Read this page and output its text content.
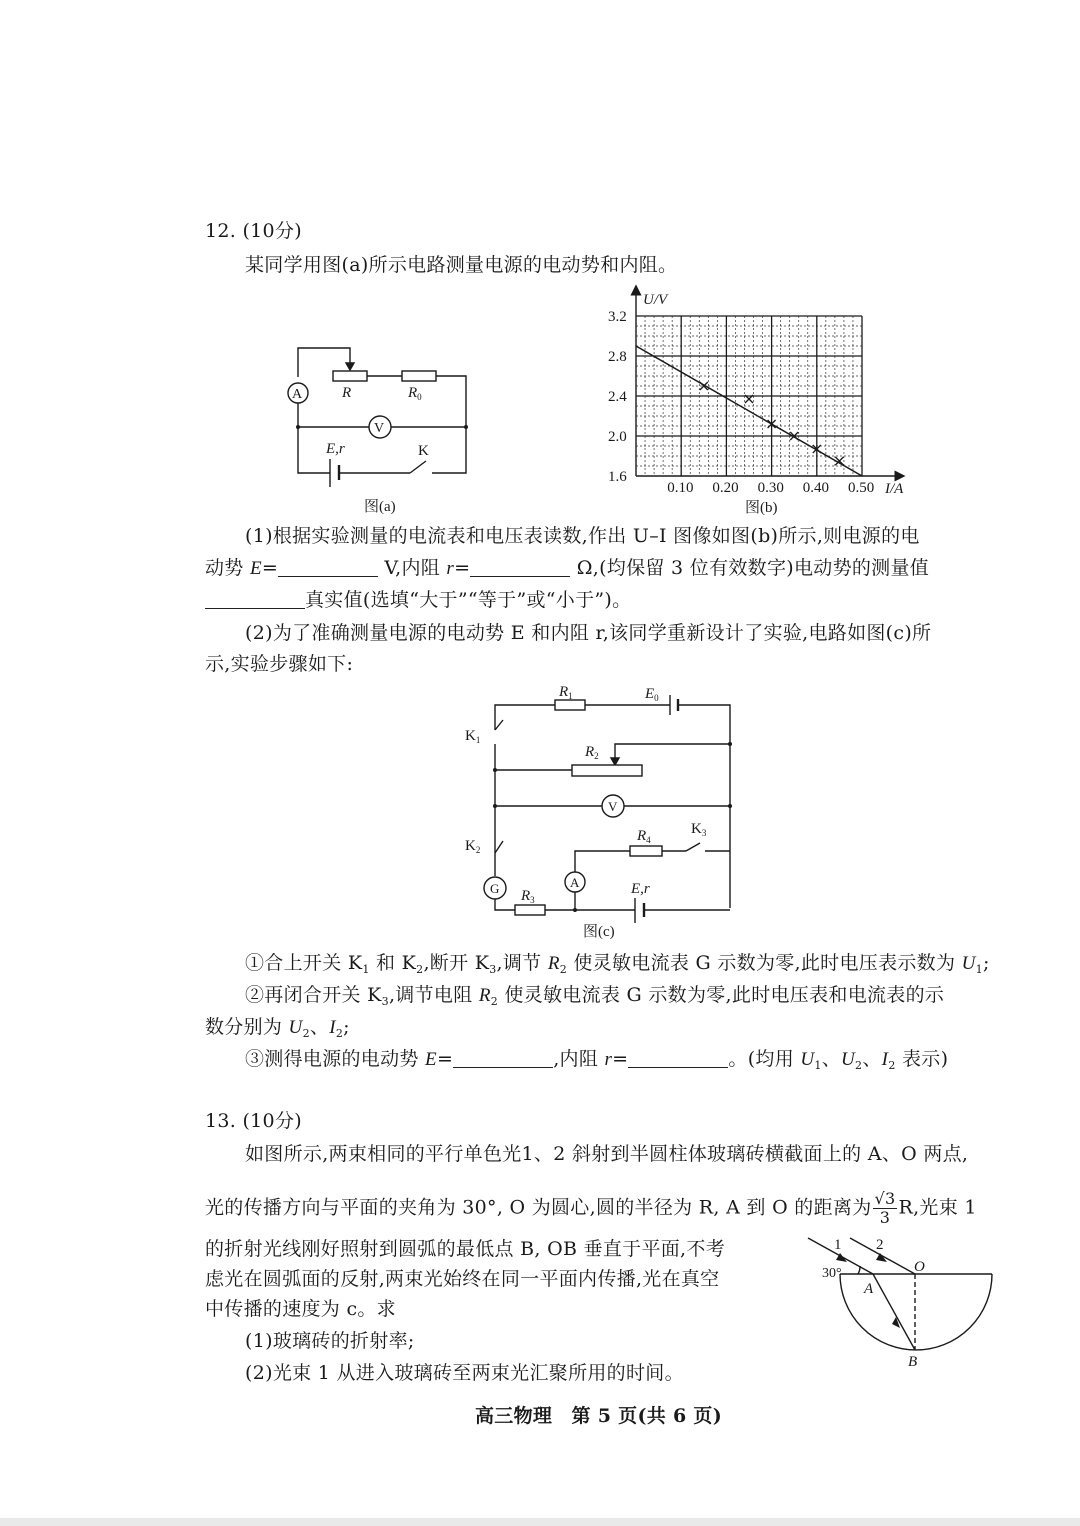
12. (10分)
某同学用图(a)所示电路测量电源的电动势和内阻。
A
V
R	$R_0$
E,r	K
图(a)
0.10 0.20 0.30 0.40 0.50
1.6
2.0
2.4
2.8
3.2
U/V
I/A
图(b)
(1)根据实验测量的电流表和电压表读数,作出 U–I 图像如图(b)所示,则电源的电
动势 E=	V,内阻 r=	Ω,(均保留 3 位有效数字)电动势的测量值
真实值(选填“大于”“等于”或“小于”)。
(2)为了准确测量电源的电动势 E 和内阻 r,该同学重新设计了实验,电路如图(c)所
示,实验步骤如下:
$R_1$	$E_0$
$K_1$
$R_2$
V
$K_2$
$R_4$
$K_3$
G	A
$R_3$
E,r
图(c)
①合上开关 $K_1$ 和 $K_2$,断开 $K_3$,调节 $R_2$ 使灵敏电流表 G 示数为零,此时电压表示数为 $U_1$;
②再闭合开关 $K_3$,调节电阻 $R_2$ 使灵敏电流表 G 示数为零,此时电压表和电流表的示
数分别为 $U_2$、$I_2$;
③测得电源的电动势 E=	,内阻 r=	。(均用 $U_1$、$U_2$、$I_2$ 表示)
13. (10分)
如图所示,两束相同的平行单色光1、2 斜射到半圆柱体玻璃砖横截面上的 A、O 两点,
光的传播方向与平面的夹角为 30°, O 为圆心,圆的半径为 R, A 到 O 的距离为 $\frac{√3}{3} R$,光束 1
的折射光线刚好照射到圆弧的最低点 B, OB 垂直于平面,不考
虑光在圆弧面的反射,两束光始终在同一平面内传播,光在真空
中传播的速度为 c。求
(1)玻璃砖的折射率;
(2)光束 1 从进入玻璃砖至两束光汇聚所用的时间。
1 2
30°	O
A
B
高三物理　第 5 页(共 6 页)
